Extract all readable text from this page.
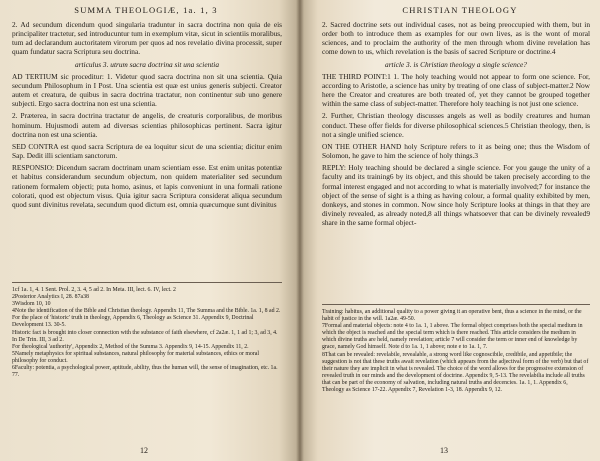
SUMMA THEOLOGIÆ, 1a. 1, 3

2. Ad secundum dicendum quod singularia traduntur in sacra doctrina non quia de eis principaliter tractetur, sed introducuntur tum in exemplum vitæ, sicut in scientiis moralibus, tum ad declarandum auctoritatem virorum per quos ad nos revelatio divina processit, super quam fundatur sacra Scriptura seu doctrina.

articulus 3. utrum sacra doctrina sit una scientia

AD TERTIUM sic proceditur: 1. Videtur quod sacra doctrina non sit una scientia. Quia secundum Philosophum in I Post. Una scientia est quæ est unius generis subjecti. Creator autem et creatura, de quibus in sacra doctrina tractatur, non continentur sub uno genere subjecti. Ergo sacra doctrina non est una scientia.

2. Præterea, in sacra doctrina tractatur de angelis, de creaturis corporalibus, de moribus hominum. Hujusmodi autem ad diversas scientias philosophicas pertinent. Sacra igitur doctrina non est una scientia.

SED CONTRA est quod sacra Scriptura de ea loquitur sicut de una scientia; dicitur enim Sap. Dedit illi scientiam sanctorum.

RESPONSIO: Dicendum sacram doctrinam unam scientiam esse. Est enim unitas potentiæ et habitus considerandum secundum objectum, non quidem materialiter sed secundum rationem formalem objecti; puta homo, asinus, et lapis conveniunt in una formali ratione colorati, quod est objectum visus. Quia igitur sacra Scriptura considerat aliqua secundum quod sunt divinitus revelata, secundum quod dictum est, omnia quæcumque sunt divinitus

1cf 1a. 1, 4. 1 Sent. Prol. 2, 3. 4, 5 ad 2. In Meta. III, lect. 6. IV, lect. 2
2Posterior Analytics I, 28. 87a38
3Wisdom 10, 10
4Note the identification of the Bible and Christian theology. Appendix 11, The Summa and the Bible. 1a. 1, 8 ad 2.
For the place of 'historic' truth in theology, Appendix 6, Theology as Science 31. Appendix 9, Doctrinal Development 13. 30-5.
Historic fact is brought into closer connection with the substance of faith elsewhere, cf 2a2æ. 1, 1 ad 1; 3, ad 3, 4. In De Trin. III, 3 ad 2.
For theological 'authority', Appendix 2, Method of the Summa 3. Appendix 9, 14-15. Appendix 11, 2.
5Namely metaphysics for spiritual substances, natural philosophy for material substances, ethics or moral philosophy for conduct.
6Faculty: potentia, a psychological power, aptitude, ability, thus the human will, the sense of imagination, etc. 1a. 77.
12
CHRISTIAN THEOLOGY

2. Sacred doctrine sets out individual cases, not as being preoccupied with them, but in order both to introduce them as examples for our own lives, as is the wont of moral sciences, and to proclaim the authority of the men through whom divine revelation has come down to us, which revelation is the basis of sacred Scripture or doctrine.4

article 3. is Christian theology a single science?

THE THIRD POINT:1 1. The holy teaching would not appear to form one science. For, according to Aristotle, a science has unity by treating of one class of subject-matter.2 Now here the Creator and creatures are both treated of, yet they cannot be grouped together within the same class of subject-matter. Therefore holy teaching is not just one science.

2. Further, Christian theology discusses angels as well as bodily creatures and human conduct. These offer fields for diverse philosophical sciences.5 Christian theology, then, is not a single unified science.

ON THE OTHER HAND holy Scripture refers to it as being one; thus the Wisdom of Solomon, he gave to him the science of holy things.3

REPLY: Holy teaching should be declared a single science. For you gauge the unity of a faculty and its training6 by its object, and this should be taken precisely according to the formal interest engaged and not according to what is materially involved;7 for instance the object of the sense of sight is a thing as having colour, a formal quality exhibited by men, donkeys, and stones in common. Now since holy Scripture looks at things in that they are divinely revealed, as already noted,8 all things whatsoever that can be divinely revealed9 share in the same formal object-

Training: habitus, an additional quality to a power giving it an operative bent, thus a science in the mind, or the habit of justice in the will. 1a2æ. 49-50.
7Formal and material objects: note 4 to 1a. 1, 1 above. The formal object comprises both the special medium in which the object is reached and the special term which is there reached. This article considers the medium in which divine truths are held, namely revelation; article 7 will consider the term or inner end of knowledge by grace, namely God himself. Note d to 1a. 1, 1 above; note e to 1a. 1, 7.
8That can be revealed: revelabile, revealable, a strong word like cognoscibile, credibile, and appetibile; the suggestion is not that these truths await revelation (which appears from the adjectival form of the verb) but that of their nature they are implicit in what is revealed. The choice of the word allows for the progressive extension of revealed truth in our minds and the development of doctrine. Appendix 9, 5-13. The revelabilia include all truths that can be part of the economy of salvation, including natural truths and decencies. 1a. 1, 1. Appendix 6, Theology as Science 17-22. Appendix 7, Revelation 1-3, 18. Appendix 9, 12.
13
